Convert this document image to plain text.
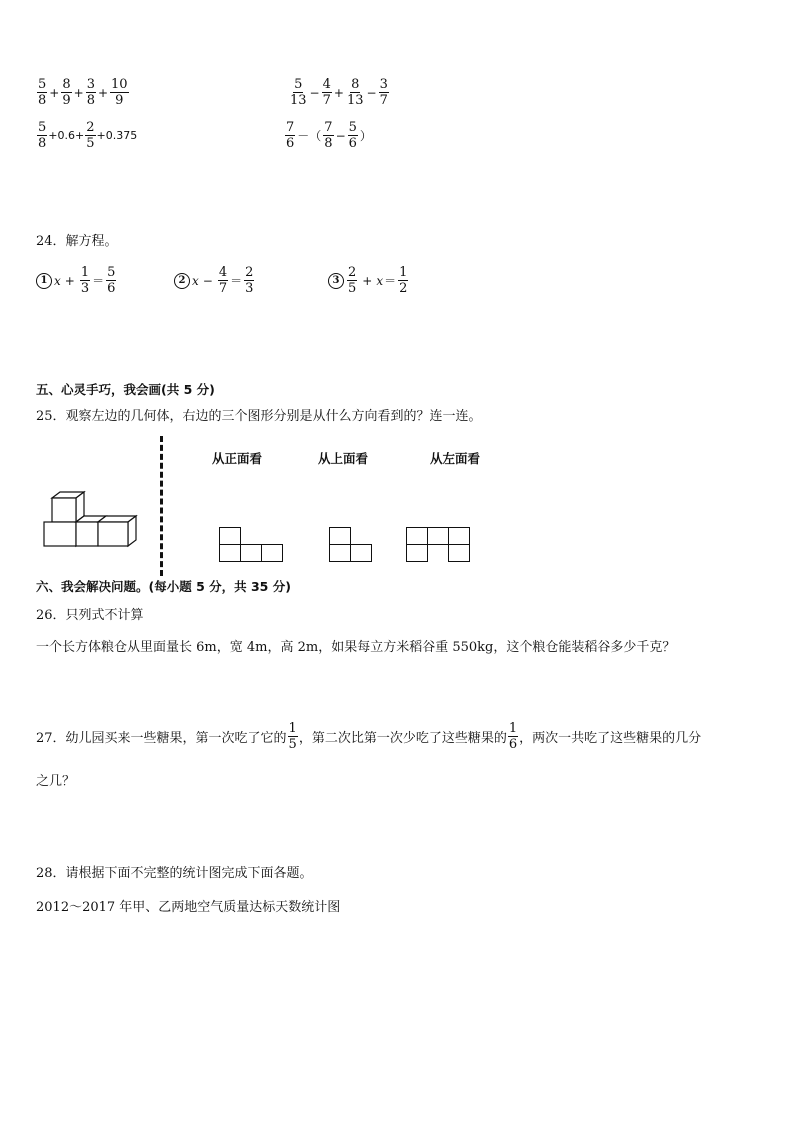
$\frac{5}{8} + \frac{8}{9} + \frac{3}{8} + \frac{10}{9}$	$\frac{5}{13} - \frac{4}{7} + \frac{8}{13} - \frac{3}{7}$
$\frac{5}{8} +0.6+ \frac{2}{5} +0.375$	$\frac{7}{6}$ －（ $\frac{7}{8} - \frac{5}{6}$ ）
24．解方程。
1 $x + \frac{1}{3} = \frac{5}{6}$	2 $x - \frac{4}{7} = \frac{2}{3}$	$3 \frac{2}{5} + x = \frac{1}{2}$
五、心灵手巧，我会画(共 5 分)
25．观察左边的几何体，右边的三个图形分别是从什么方向看到的？连一连。
从正面看	从上面看	从左面看
六、我会解决问题。(每小题 5 分，共 35 分)
26．只列式不计算
一个长方体粮仓从里面量长 6m，宽 4m，高 2m，如果每立方米稻谷重 550kg，这个粮仓能装稻谷多少千克？
27．幼儿园买来一些糖果，第一次吃了它的 $\frac{1}{5}$ ，第二次比第一次少吃了这些糖果的 $\frac{1}{6}$ ，两次一共吃了这些糖果的几分
之几？
28．请根据下面不完整的统计图完成下面各题。
2012～2017 年甲、乙两地空气质量达标天数统计图
